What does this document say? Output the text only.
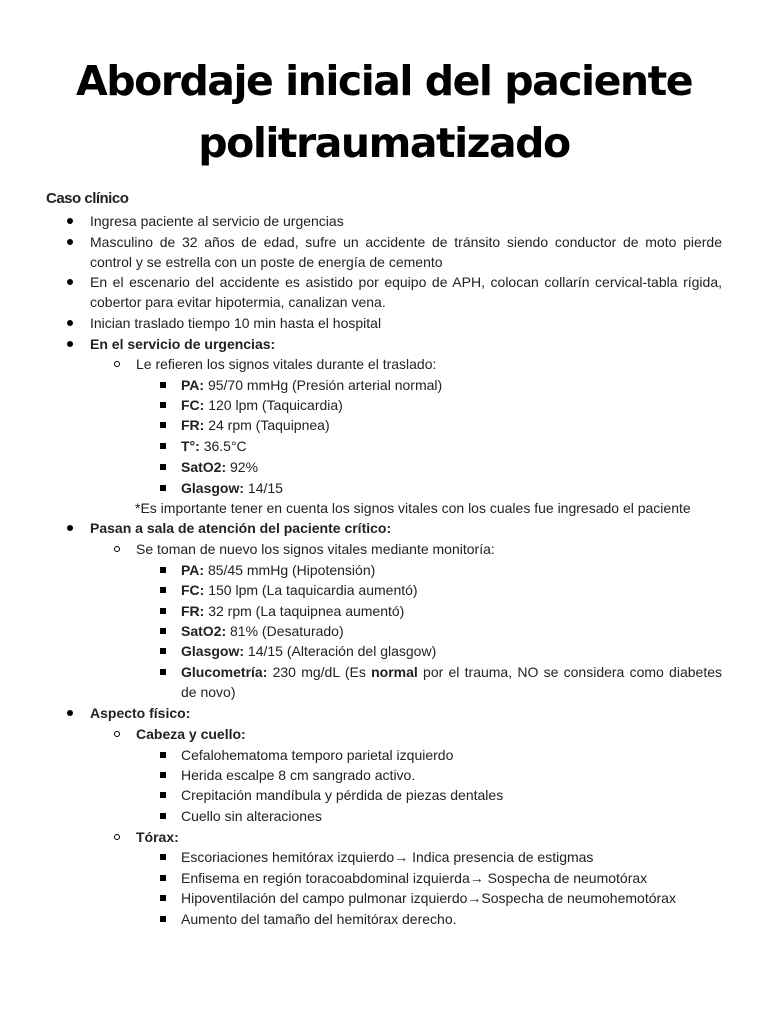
Abordaje inicial del paciente
politraumatizado
Caso clínico
Ingresa paciente al servicio de urgencias
Masculino de 32 años de edad, sufre un accidente de tránsito siendo conductor de moto pierde
control y se estrella con un poste de energía de cemento
En el escenario del accidente es asistido por equipo de APH, colocan collarín cervical-tabla rígida,
cobertor para evitar hipotermia, canalizan vena.
Inician traslado tiempo 10 min hasta el hospital
En el servicio de urgencias:
Le refieren los signos vitales durante el traslado:
PA: 95/70 mmHg (Presión arterial normal)
FC: 120 lpm (Taquicardia)
FR: 24 rpm (Taquipnea)
T°: 36.5°C
SatO2: 92%
Glasgow: 14/15
*Es importante tener en cuenta los signos vitales con los cuales fue ingresado el paciente
Pasan a sala de atención del paciente crítico:
Se toman de nuevo los signos vitales mediante monitoría:
PA: 85/45 mmHg (Hipotensión)
FC: 150 lpm (La taquicardia aumentó)
FR: 32 rpm (La taquipnea aumentó)
SatO2: 81% (Desaturado)
Glasgow: 14/15 (Alteración del glasgow)
Glucometría: 230 mg/dL (Es normal por el trauma, NO se considera como diabetes
de novo)
Aspecto físico:
Cabeza y cuello:
Cefalohematoma temporo parietal izquierdo
Herida escalpe 8 cm sangrado activo.
Crepitación mandíbula y pérdida de piezas dentales
Cuello sin alteraciones
Tórax:
Escoriaciones hemitórax izquierdo→ Indica presencia de estigmas
Enfisema en región toracoabdominal izquierda→ Sospecha de neumotórax
Hipoventilación del campo pulmonar izquierdo→Sospecha de neumohemotórax
Aumento del tamaño del hemitórax derecho.
